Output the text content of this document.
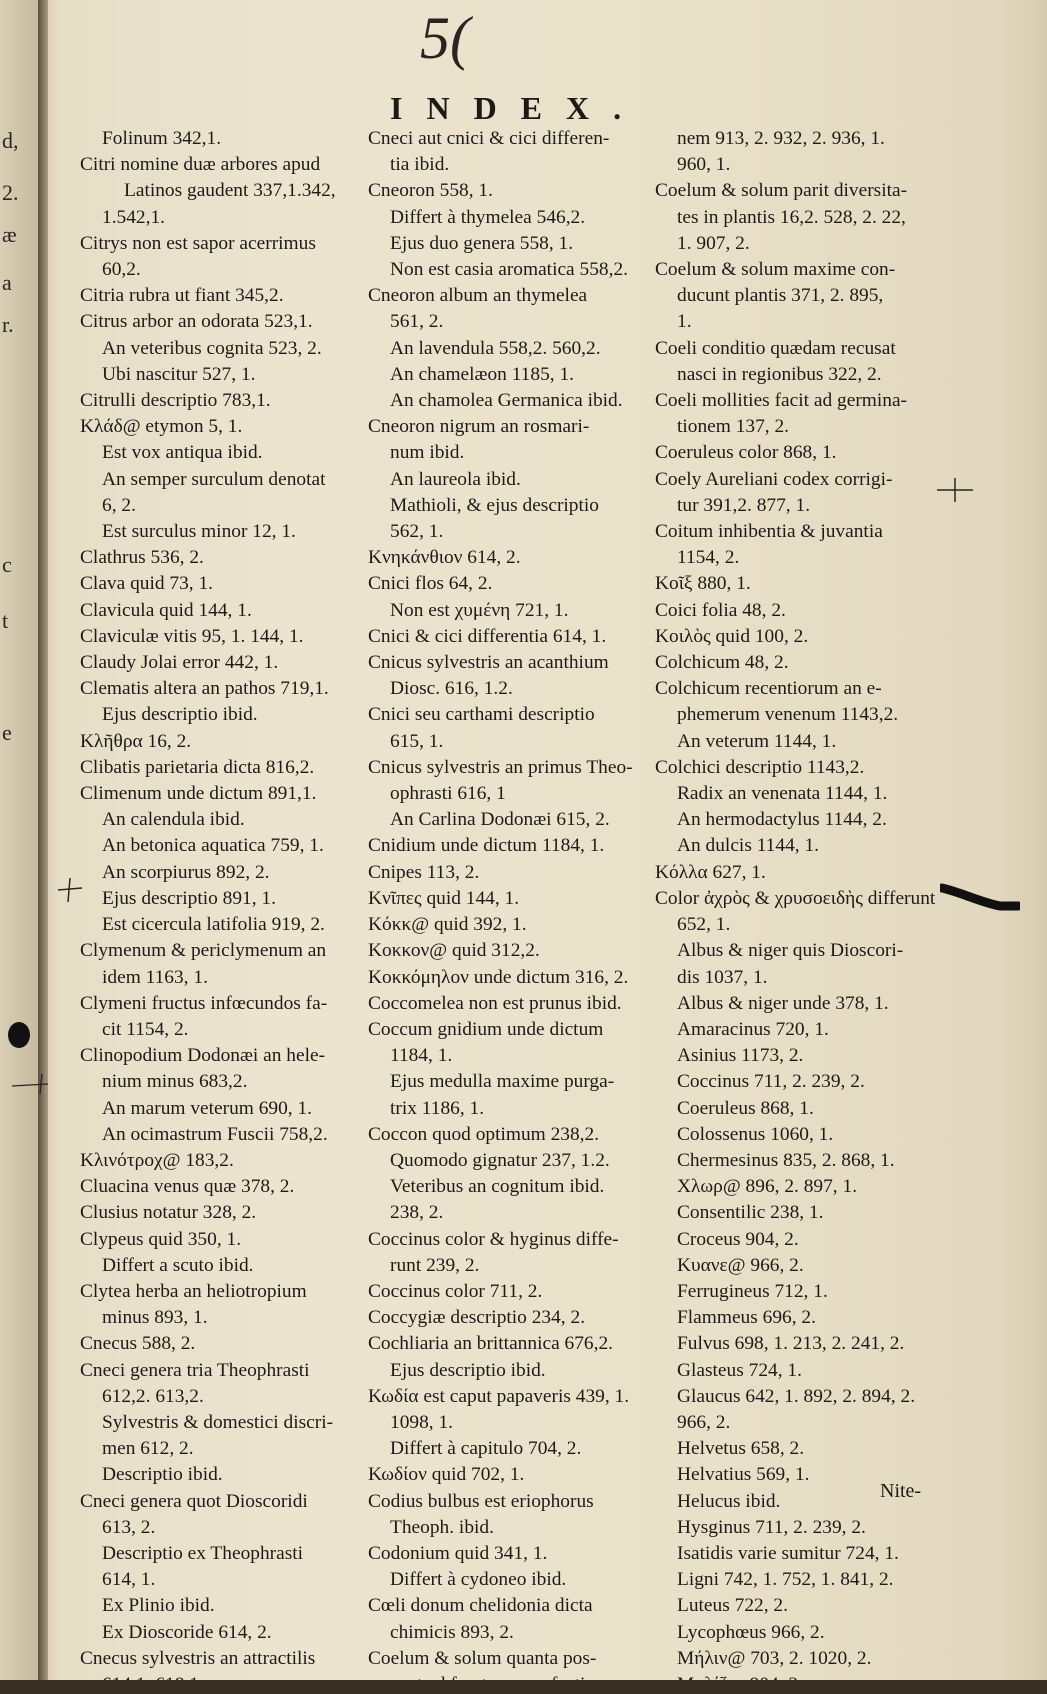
d,
2.
æ
a
r.
c
t
e
5(
INDEX.
Folinum 342,1.
Citri nomine duæ arbores apud
Latinos gaudent 337,1.342,
1.542,1.
Citrys non est sapor acerrimus
60,2.
Citria rubra ut fiant 345,2.
Citrus arbor an odorata 523,1.
An veteribus cognita 523, 2.
Ubi nascitur 527, 1.
Citrulli descriptio 783,1.
Κλάδ@ etymon 5, 1.
Est vox antiqua ibid.
An semper surculum denotat
6, 2.
Est surculus minor 12, 1.
Clathrus 536, 2.
Clava quid 73, 1.
Clavicula quid 144, 1.
Claviculæ vitis 95, 1. 144, 1.
Claudy Jolai error 442, 1.
Clematis altera an pathos 719,1.
Ejus descriptio ibid.
Κλῆθρα 16, 2.
Clibatis parietaria dicta 816,2.
Climenum unde dictum 891,1.
An calendula ibid.
An betonica aquatica 759, 1.
An scorpiurus 892, 2.
Ejus descriptio 891, 1.
Est cicercula latifolia 919, 2.
Clymenum & periclymenum an
idem 1163, 1.
Clymeni fructus infœcundos fa-
cit 1154, 2.
Clinopodium Dodonæi an hele-
nium minus 683,2.
An marum veterum 690, 1.
An ocimastrum Fuscii 758,2.
Κλινότροχ@ 183,2.
Cluacina venus quæ 378, 2.
Clusius notatur 328, 2.
Clypeus quid 350, 1.
Differt a scuto ibid.
Clytea herba an heliotropium
minus 893, 1.
Cnecus 588, 2.
Cneci genera tria Theophrasti
612,2. 613,2.
Sylvestris & domestici discri-
men 612, 2.
Descriptio ibid.
Cneci genera quot Dioscoridi
613, 2.
Descriptio ex Theophrasti
614, 1.
Ex Plinio ibid.
Ex Dioscoride 614, 2.
Cnecus sylvestris an attractilis
Cneci aut cnici & cici differen-
tia ibid.
Cneoron 558, 1.
Differt à thymelea 546,2.
Ejus duo genera 558, 1.
Non est casia aromatica 558,2.
Cneoron album an thymelea
561, 2.
An lavendula 558,2. 560,2.
An chamelæon 1185, 1.
An chamolea Germanica ibid.
Cneoron nigrum an rosmari-
num ibid.
An laureola ibid.
Mathioli, & ejus descriptio
562, 1.
Κνηκάνθιον 614, 2.
Cnici flos 64, 2.
Non est χυμένη 721, 1.
Cnici & cici differentia 614, 1.
Cnicus sylvestris an acanthium
Diosc. 616, 1.2.
Cnici seu carthami descriptio
615, 1.
Cnicus sylvestris an primus Theo-
ophrasti 616, 1
An Carlina Dodonæi 615, 2.
Cnidium unde dictum 1184, 1.
Cnipes 113, 2.
Κνῖπες quid 144, 1.
Κόκκ@ quid 392, 1.
Κοκκον@ quid 312,2.
Κοκκόμηλον unde dictum 316, 2.
Coccomelea non est prunus ibid.
Coccum gnidium unde dictum
1184, 1.
Ejus medulla maxime purga-
trix 1186, 1.
Coccon quod optimum 238,2.
Quomodo gignatur 237, 1.2.
Veteribus an cognitum ibid.
238, 2.
Coccinus color & hyginus diffe-
runt 239, 2.
Coccinus color 711, 2.
Coccygiæ descriptio 234, 2.
Cochliaria an brittannica 676,2.
Ejus descriptio ibid.
Κωδία est caput papaveris 439, 1.
1098, 1.
Differt à capitulo 704, 2.
Κωδίον quid 702, 1.
Codius bulbus est eriophorus
Theoph. ibid.
Codonium quid 341, 1.
Differt à cydoneo ibid.
Cœli donum chelidonia dicta
chimicis 893, 2.
Coelum & solum quanta pos-
nem 913, 2. 932, 2. 936, 1.
960, 1.
Coelum & solum parit diversita-
tes in plantis 16,2. 528, 2. 22,
1. 907, 2.
Coelum & solum maxime con-
ducunt plantis 371, 2. 895,
1.
Coeli conditio quædam recusat
nasci in regionibus 322, 2.
Coeli mollities facit ad germina-
tionem 137, 2.
Coeruleus color 868, 1.
Coely Aureliani codex corrigi-
tur 391,2. 877, 1.
Coitum inhibentia & juvantia
1154, 2.
Κοῖξ 880, 1.
Coici folia 48, 2.
Κοιλὸς quid 100, 2.
Colchicum 48, 2.
Colchicum recentiorum an e-
phemerum venenum 1143,2.
An veterum 1144, 1.
Colchici descriptio 1143,2.
Radix an venenata 1144, 1.
An hermodactylus 1144, 2.
An dulcis 1144, 1.
Κόλλα 627, 1.
Color ἀχρὸς & χρυσοειδὴς differunt
652, 1.
Albus & niger quis Dioscori-
dis 1037, 1.
Albus & niger unde 378, 1.
Amaracinus 720, 1.
Asinius 1173, 2.
Coccinus 711, 2. 239, 2.
Coeruleus 868, 1.
Colossenus 1060, 1.
Chermesinus 835, 2. 868, 1.
Χλωρ@ 896, 2. 897, 1.
Consentilic 238, 1.
Croceus 904, 2.
Κυανε@ 966, 2.
Ferrugineus 712, 1.
Flammeus 696, 2.
Fulvus 698, 1. 213, 2. 241, 2.
Glasteus 724, 1.
Glaucus 642, 1. 892, 2. 894, 2.
966, 2.
Helvetus 658, 2.
Helvatius 569, 1.
Helucus ibid.
Hysginus 711, 2. 239, 2.
Isatidis varie sumitur 724, 1.
Ligni 742, 1. 752, 1. 841, 2.
Luteus 722, 2.
Lycophœus 966, 2.
Μήλιν@ 703, 2. 1020, 2.
Nite-
